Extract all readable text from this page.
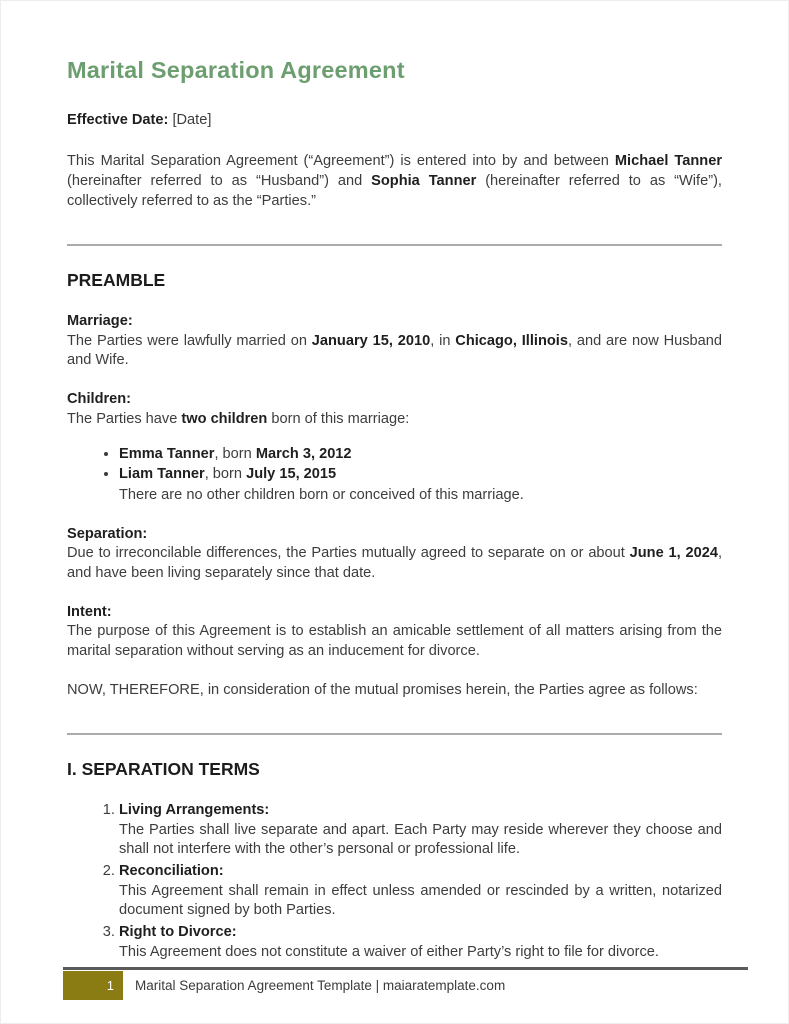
Marital Separation Agreement

Effective Date: [Date]

This Marital Separation Agreement (“Agreement”) is entered into by and between Michael Tanner (hereinafter referred to as “Husband”) and Sophia Tanner (hereinafter referred to as “Wife”), collectively referred to as the “Parties.”

PREAMBLE

Marriage:

The Parties were lawfully married on January 15, 2010, in Chicago, Illinois, and are now Husband and Wife.

Children:

The Parties have two children born of this marriage:

• Emma Tanner, born March 3, 2012
• Liam Tanner, born July 15, 2015

There are no other children born or conceived of this marriage.

Separation:

Due to irreconcilable differences, the Parties mutually agreed to separate on or about June 1, 2024, and have been living separately since that date.

Intent:

The purpose of this Agreement is to establish an amicable settlement of all matters arising from the marital separation without serving as an inducement for divorce.

NOW, THEREFORE, in consideration of the mutual promises herein, the Parties agree as follows:

I. SEPARATION TERMS

1. Living Arrangements:

The Parties shall live separate and apart. Each Party may reside wherever they choose and shall not interfere with the other’s personal or professional life.

2. Reconciliation:

This Agreement shall remain in effect unless amended or rescinded by a written, notarized document signed by both Parties.

3. Right to Divorce:

This Agreement does not constitute a waiver of either Party’s right to file for divorce.

1	Marital Separation Agreement Template | maiaratemplate.com
